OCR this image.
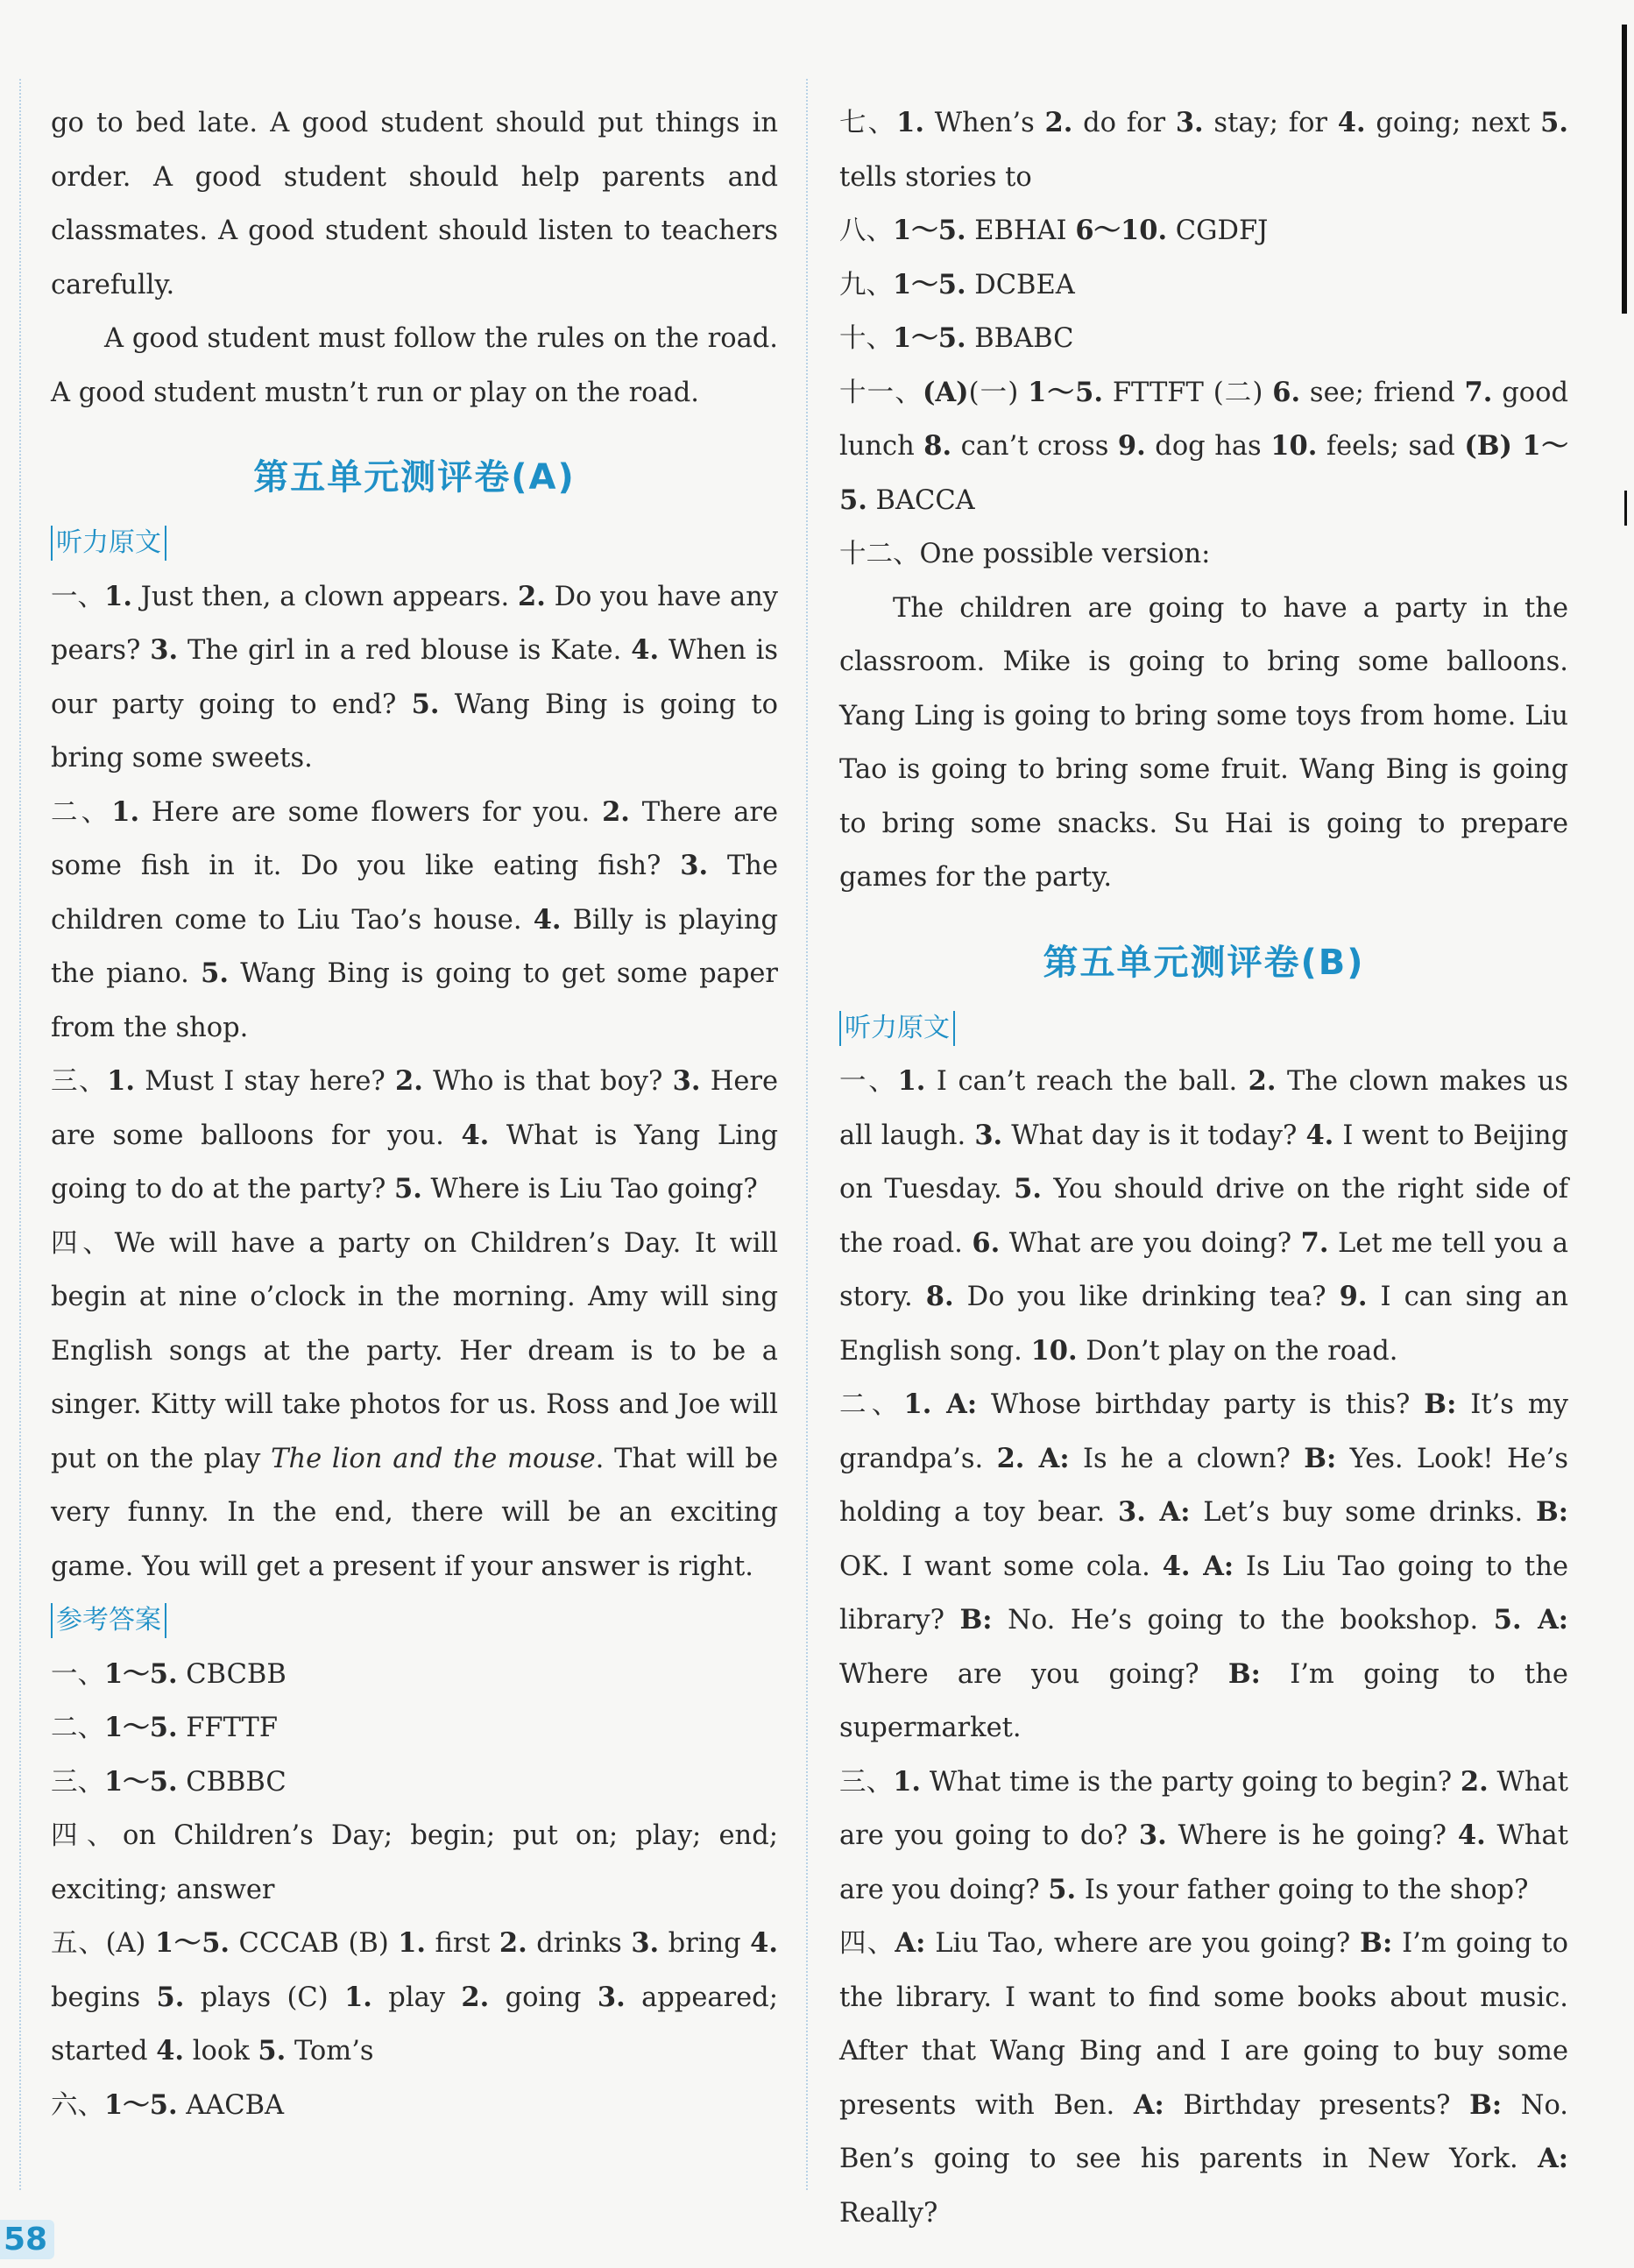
go to bed late. A good student should put things in order. A good student should help parents and classmates. A good student should listen to teachers carefully.

A good student must follow the rules on the road. A good student mustn’t run or play on the road.

第五单元测评卷(A)
听力原文

一、1. Just then, a clown appears. 2. Do you have any pears? 3. The girl in a red blouse is Kate. 4. When is our party going to end? 5. Wang Bing is going to bring some sweets.

二、1. Here are some flowers for you. 2. There are some fish in it. Do you like eating fish? 3. The children come to Liu Tao’s house. 4. Billy is playing the piano. 5. Wang Bing is going to get some paper from the shop.

三、1. Must I stay here? 2. Who is that boy? 3. Here are some balloons for you. 4. What is Yang Ling going to do at the party? 5. Where is Liu Tao going?

四、We will have a party on Children’s Day. It will begin at nine o’clock in the morning. Amy will sing English songs at the party. Her dream is to be a singer. Kitty will take photos for us. Ross and Joe will put on the play The lion and the mouse. That will be very funny. In the end, there will be an exciting game. You will get a present if your answer is right.

参考答案

一、1～5. CBCBB

二、1～5. FFTTF

三、1～5. CBBBC

四、on Children’s Day; begin; put on; play; end; exciting; answer

五、(A) 1～5. CCCAB (B) 1. first 2. drinks 3. bring 4. begins 5. plays (C) 1. play 2. going 3. appeared; started 4. look 5. Tom’s

六、1～5. AACBA

七、1. When’s 2. do for 3. stay; for 4. going; next 5. tells stories to

八、1～5. EBHAI 6～10. CGDFJ

九、1～5. DCBEA

十、1～5. BBABC

十一、(A)(一) 1～5. FTTFT (二) 6. see; friend 7. good lunch 8. can’t cross 9. dog has 10. feels; sad (B) 1～5. BACCA

十二、One possible version:

The children are going to have a party in the classroom. Mike is going to bring some balloons. Yang Ling is going to bring some toys from home. Liu Tao is going to bring some fruit. Wang Bing is going to bring some snacks. Su Hai is going to prepare games for the party.

第五单元测评卷(B)
听力原文

一、1. I can’t reach the ball. 2. The clown makes us all laugh. 3. What day is it today? 4. I went to Beijing on Tuesday. 5. You should drive on the right side of the road. 6. What are you doing? 7. Let me tell you a story. 8. Do you like drinking tea? 9. I can sing an English song. 10. Don’t play on the road.

二、1. A: Whose birthday party is this? B: It’s my grandpa’s. 2. A: Is he a clown? B: Yes. Look! He’s holding a toy bear. 3. A: Let’s buy some drinks. B: OK. I want some cola. 4. A: Is Liu Tao going to the library? B: No. He’s going to the bookshop. 5. A: Where are you going? B: I’m going to the supermarket.

三、1. What time is the party going to begin? 2. What are you going to do? 3. Where is he going? 4. What are you doing? 5. Is your father going to the shop?

四、A: Liu Tao, where are you going? B: I’m going to the library. I want to find some books about music. After that Wang Bing and I are going to buy some presents with Ben. A: Birthday presents? B: No. Ben’s going to see his parents in New York. A: Really?

58
